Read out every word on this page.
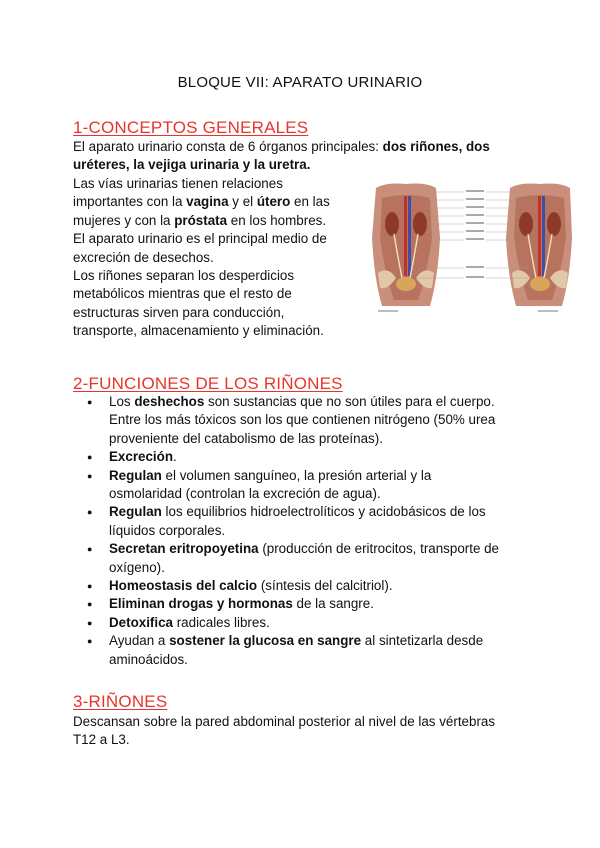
BLOQUE VII: APARATO URINARIO
1-CONCEPTOS GENERALES
El aparato urinario consta de 6 órganos principales: dos riñones, dos
uréteres, la vejiga urinaria y la uretra.
Las vías urinarias tienen relaciones
importantes con la vagina y el útero en las
mujeres y con la próstata en los hombres.
El aparato urinario es el principal medio de
excreción de desechos.
Los riñones separan los desperdicios
metabólicos mientras que el resto de
estructuras sirven para conducción,
transporte, almacenamiento y eliminación.
2-FUNCIONES DE LOS RIÑONES
● Los deshechos son sustancias que no son útiles para el cuerpo.
Entre los más tóxicos son los que contienen nitrógeno (50% urea
proveniente del catabolismo de las proteínas).
● Excreción.
● Regulan el volumen sanguíneo, la presión arterial y la
osmolaridad (controlan la excreción de agua).
● Regulan los equilibrios hidroelectrolíticos y acidobásicos de los
líquidos corporales.
● Secretan eritropoyetina (producción de eritrocitos, transporte de
oxígeno).
● Homeostasis del calcio (síntesis del calcitriol).
● Eliminan drogas y hormonas de la sangre.
● Detoxifica radicales libres.
● Ayudan a sostener la glucosa en sangre al sintetizarla desde
aminoácidos.
3-RIÑONES
Descansan sobre la pared abdominal posterior al nivel de las vértebras
T12 a L3.
